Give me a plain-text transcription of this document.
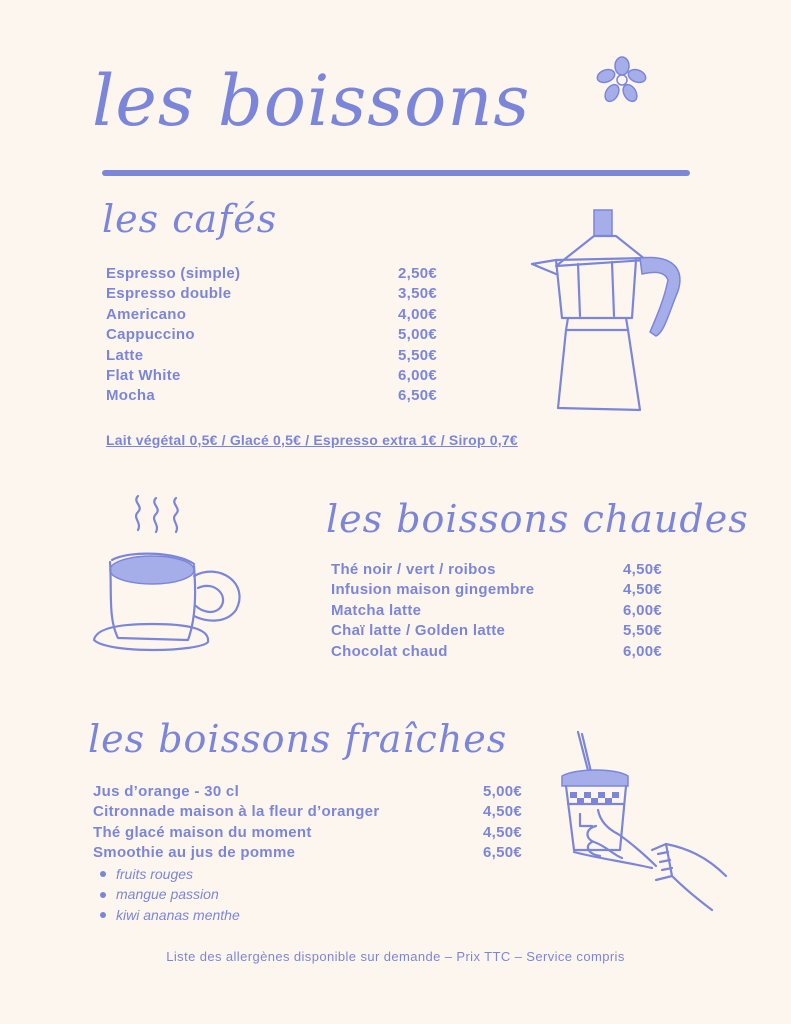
les boissons
les cafés
Espresso (simple)	2,50€
Espresso double	3,50€
Americano	4,00€
Cappuccino	5,00€
Latte	5,50€
Flat White	6,00€
Mocha	6,50€
Lait végétal 0,5€ / Glacé 0,5€ / Espresso extra 1€ / Sirop 0,7€
les boissons chaudes
Thé noir / vert / roibos	4,50€
Infusion maison gingembre	4,50€
Matcha latte	6,00€
Chaï latte / Golden latte	5,50€
Chocolat chaud	6,00€
les boissons fraîches
Jus d’orange - 30 cl	5,00€
Citronnade maison à la fleur d’oranger	4,50€
Thé glacé maison du moment	4,50€
Smoothie au jus de pomme	6,50€
fruits rouges
mangue passion
kiwi ananas menthe
Liste des allergènes disponible sur demande – Prix TTC – Service compris
